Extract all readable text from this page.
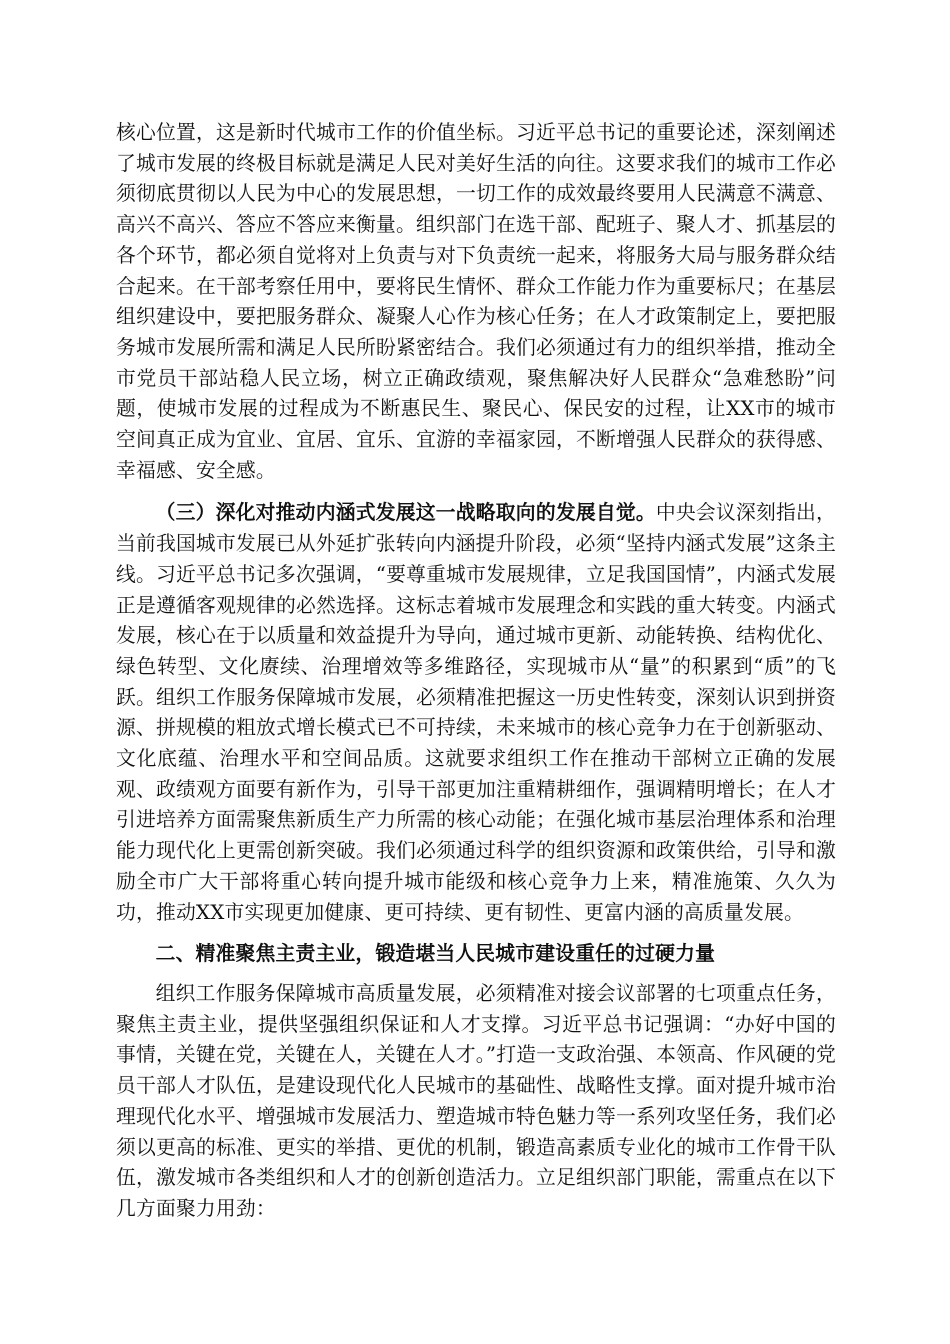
核心位置，这是新时代城市工作的价值坐标。习近平总书记的重要论述，深刻阐述了城市发展的终极目标就是满足人民对美好生活的向往。这要求我们的城市工作必须彻底贯彻以人民为中心的发展思想，一切工作的成效最终要用人民满意不满意、高兴不高兴、答应不答应来衡量。组织部门在选干部、配班子、聚人才、抓基层的各个环节，都必须自觉将对上负责与对下负责统一起来，将服务大局与服务群众结合起来。在干部考察任用中，要将民生情怀、群众工作能力作为重要标尺；在基层组织建设中，要把服务群众、凝聚人心作为核心任务；在人才政策制定上，要把服务城市发展所需和满足人民所盼紧密结合。我们必须通过有力的组织举措，推动全市党员干部站稳人民立场，树立正确政绩观，聚焦解决好人民群众“急难愁盼”问题，使城市发展的过程成为不断惠民生、聚民心、保民安的过程，让XX市的城市空间真正成为宜业、宜居、宜乐、宜游的幸福家园，不断增强人民群众的获得感、幸福感、安全感。

（三）深化对推动内涵式发展这一战略取向的发展自觉。中央会议深刻指出，当前我国城市发展已从外延扩张转向内涵提升阶段，必须“坚持内涵式发展”这条主线。习近平总书记多次强调，“要尊重城市发展规律，立足我国国情”，内涵式发展正是遵循客观规律的必然选择。这标志着城市发展理念和实践的重大转变。内涵式发展，核心在于以质量和效益提升为导向，通过城市更新、动能转换、结构优化、绿色转型、文化赓续、治理增效等多维路径，实现城市从“量”的积累到“质”的飞跃。组织工作服务保障城市发展，必须精准把握这一历史性转变，深刻认识到拼资源、拼规模的粗放式增长模式已不可持续，未来城市的核心竞争力在于创新驱动、文化底蕴、治理水平和空间品质。这就要求组织工作在推动干部树立正确的发展观、政绩观方面要有新作为，引导干部更加注重精耕细作，强调精明增长；在人才引进培养方面需聚焦新质生产力所需的核心动能；在强化城市基层治理体系和治理能力现代化上更需创新突破。我们必须通过科学的组织资源和政策供给，引导和激励全市广大干部将重心转向提升城市能级和核心竞争力上来，精准施策、久久为功，推动XX市实现更加健康、更可持续、更有韧性、更富内涵的高质量发展。

二、精准聚焦主责主业，锻造堪当人民城市建设重任的过硬力量

组织工作服务保障城市高质量发展，必须精准对接会议部署的七项重点任务，聚焦主责主业，提供坚强组织保证和人才支撑。习近平总书记强调：“办好中国的事情，关键在党，关键在人，关键在人才。”打造一支政治强、本领高、作风硬的党员干部人才队伍，是建设现代化人民城市的基础性、战略性支撑。面对提升城市治理现代化水平、增强城市发展活力、塑造城市特色魅力等一系列攻坚任务，我们必须以更高的标准、更实的举措、更优的机制，锻造高素质专业化的城市工作骨干队伍，激发城市各类组织和人才的创新创造活力。立足组织部门职能，需重点在以下几方面聚力用劲：
